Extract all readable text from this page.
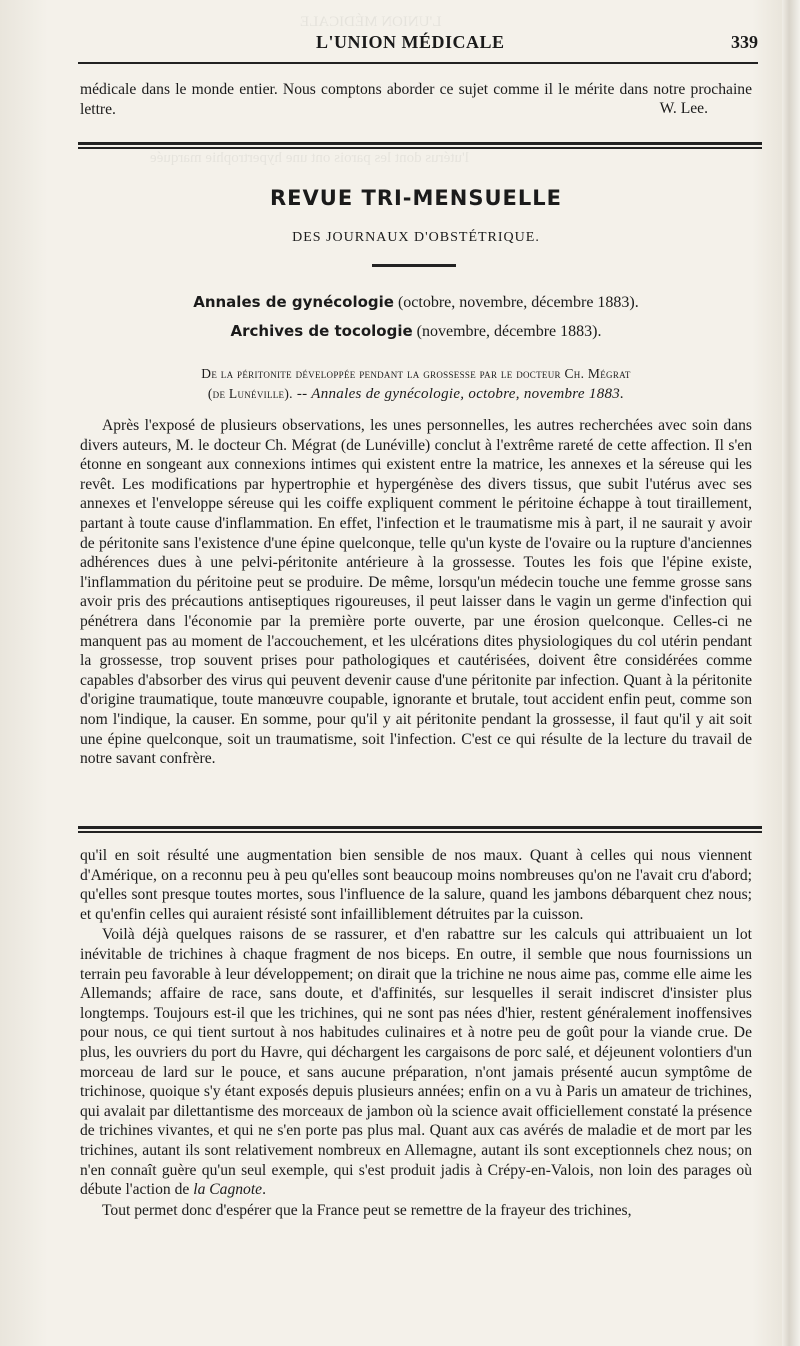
L'UNION MÉDICALE
l'utérus dont les parois ont une hypertrophie marquée
L'UNION MÉDICALE	339

médicale dans le monde entier. Nous comptons aborder ce sujet comme il le mérite dans notre prochaine lettre.	W. Lee.
REVUE TRI-MENSUELLE
DES JOURNAUX D'OBSTÉTRIQUE.
Annales de gynécologie (octobre, novembre, décembre 1883).
Archives de tocologie (novembre, décembre 1883).
De la péritonite développée pendant la grossesse par le docteur Ch. Mégrat
(de Lunéville). -- Annales de gynécologie, octobre, novembre 1883.

Après l'exposé de plusieurs observations, les unes personnelles, les autres recherchées avec soin dans divers auteurs, M. le docteur Ch. Mégrat (de Lunéville) conclut à l'extrême rareté de cette affection. Il s'en étonne en songeant aux connexions intimes qui existent entre la matrice, les annexes et la séreuse qui les revêt. Les modifications par hypertrophie et hypergénèse des divers tissus, que subit l'utérus avec ses annexes et l'enveloppe séreuse qui les coiffe expliquent comment le péritoine échappe à tout tiraillement, partant à toute cause d'inflammation. En effet, l'infection et le traumatisme mis à part, il ne saurait y avoir de péritonite sans l'existence d'une épine quelconque, telle qu'un kyste de l'ovaire ou la rupture d'anciennes adhérences dues à une pelvi-péritonite antérieure à la grossesse. Toutes les fois que l'épine existe, l'inflammation du péritoine peut se produire. De même, lorsqu'un médecin touche une femme grosse sans avoir pris des précautions antiseptiques rigoureuses, il peut laisser dans le vagin un germe d'infection qui pénétrera dans l'économie par la première porte ouverte, par une érosion quelconque. Celles-ci ne manquent pas au moment de l'accouchement, et les ulcérations dites physiologiques du col utérin pendant la grossesse, trop souvent prises pour pathologiques et cautérisées, doivent être considérées comme capables d'absorber des virus qui peuvent devenir cause d'une péritonite par infection. Quant à la péritonite d'origine traumatique, toute manœuvre coupable, ignorante et brutale, tout accident enfin peut, comme son nom l'indique, la causer. En somme, pour qu'il y ait péritonite pendant la grossesse, il faut qu'il y ait soit une épine quelconque, soit un traumatisme, soit l'infection. C'est ce qui résulte de la lecture du travail de notre savant confrère.

qu'il en soit résulté une augmentation bien sensible de nos maux. Quant à celles qui nous viennent d'Amérique, on a reconnu peu à peu qu'elles sont beaucoup moins nombreuses qu'on ne l'avait cru d'abord; qu'elles sont presque toutes mortes, sous l'influence de la salure, quand les jambons débarquent chez nous; et qu'enfin celles qui auraient résisté sont infailliblement détruites par la cuisson.

Voilà déjà quelques raisons de se rassurer, et d'en rabattre sur les calculs qui attribuaient un lot inévitable de trichines à chaque fragment de nos biceps. En outre, il semble que nous fournissions un terrain peu favorable à leur développement; on dirait que la trichine ne nous aime pas, comme elle aime les Allemands; affaire de race, sans doute, et d'affinités, sur lesquelles il serait indiscret d'insister plus longtemps. Toujours est-il que les trichines, qui ne sont pas nées d'hier, restent généralement inoffensives pour nous, ce qui tient surtout à nos habitudes culinaires et à notre peu de goût pour la viande crue. De plus, les ouvriers du port du Havre, qui déchargent les cargaisons de porc salé, et déjeunent volontiers d'un morceau de lard sur le pouce, et sans aucune préparation, n'ont jamais présenté aucun symptôme de trichinose, quoique s'y étant exposés depuis plusieurs années; enfin on a vu à Paris un amateur de trichines, qui avalait par dilettantisme des morceaux de jambon où la science avait officiellement constaté la présence de trichines vivantes, et qui ne s'en porte pas plus mal. Quant aux cas avérés de maladie et de mort par les trichines, autant ils sont relativement nombreux en Allemagne, autant ils sont exceptionnels chez nous; on n'en connaît guère qu'un seul exemple, qui s'est produit jadis à Crépy-en-Valois, non loin des parages où débute l'action de la Cagnote.

Tout permet donc d'espérer que la France peut se remettre de la frayeur des trichines,
